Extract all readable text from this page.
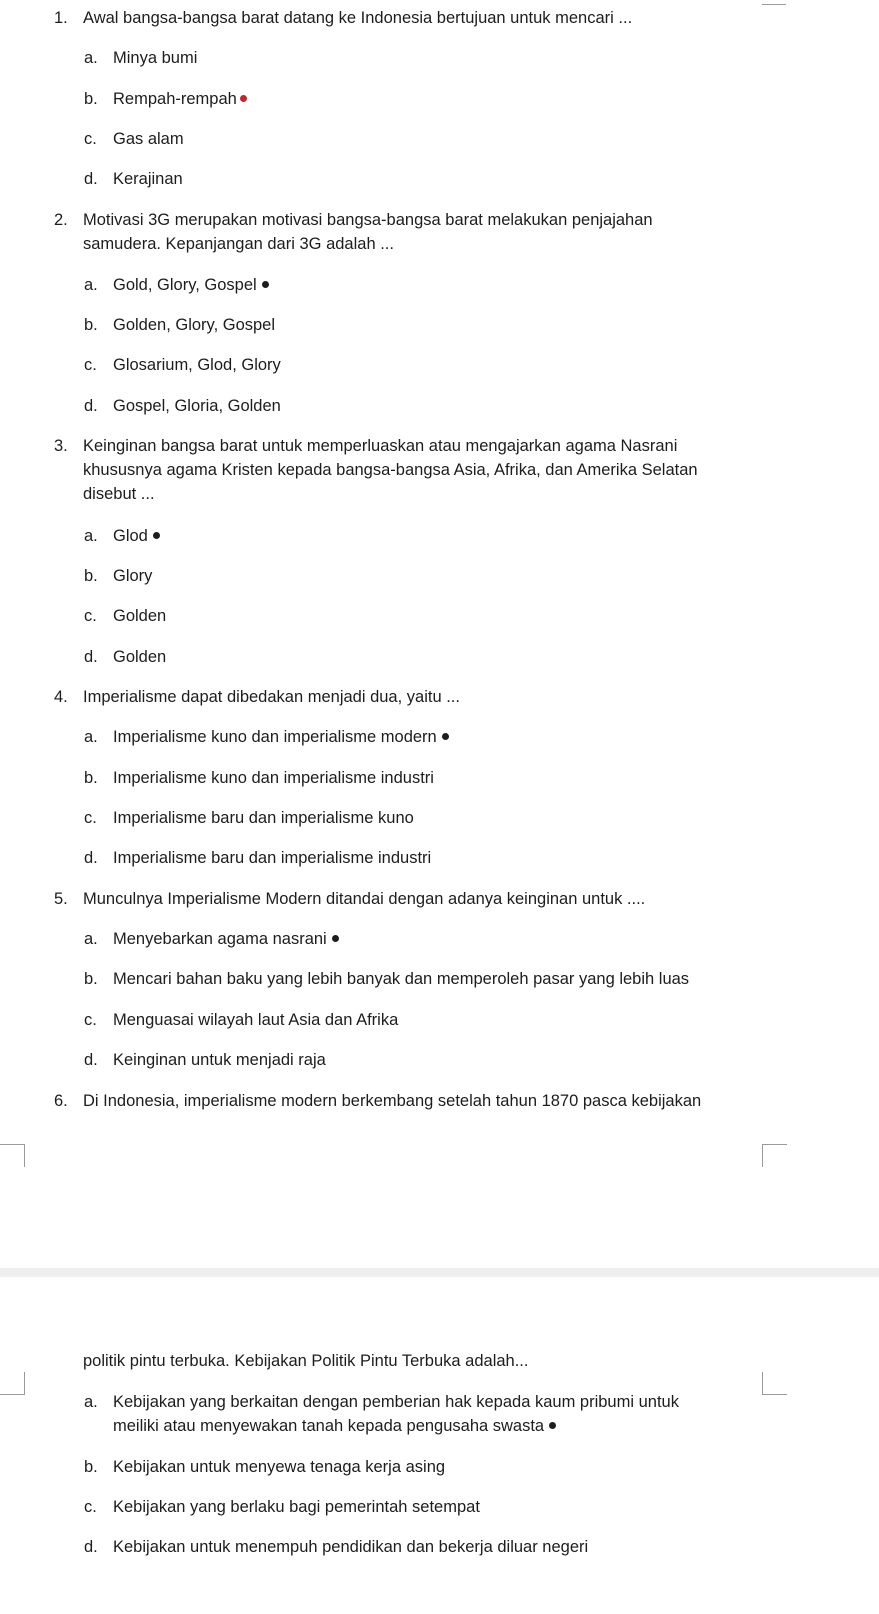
1. Awal bangsa-bangsa barat datang ke Indonesia bertujuan untuk mencari ...
a. Minya bumi
b. Rempah-rempah
c. Gas alam
d. Kerajinan
2. Motivasi 3G merupakan motivasi bangsa-bangsa barat melakukan penjajahan
samudera. Kepanjangan dari 3G adalah ...
a. Gold, Glory, Gospel
b. Golden, Glory, Gospel
c. Glosarium, Glod, Glory
d. Gospel, Gloria, Golden
3. Keinginan bangsa barat untuk memperluaskan atau mengajarkan agama Nasrani
khususnya agama Kristen kepada bangsa-bangsa Asia, Afrika, dan Amerika Selatan
disebut ...
a. Glod
b. Glory
c. Golden
d. Golden
4. Imperialisme dapat dibedakan menjadi dua, yaitu ...
a. Imperialisme kuno dan imperialisme modern
b. Imperialisme kuno dan imperialisme industri
c. Imperialisme baru dan imperialisme kuno
d. Imperialisme baru dan imperialisme industri
5. Munculnya Imperialisme Modern ditandai dengan adanya keinginan untuk ....
a. Menyebarkan agama nasrani
b. Mencari bahan baku yang lebih banyak dan memperoleh pasar yang lebih luas
c. Menguasai wilayah laut Asia dan Afrika
d. Keinginan untuk menjadi raja
6. Di Indonesia, imperialisme modern berkembang setelah tahun 1870 pasca kebijakan
politik pintu terbuka. Kebijakan Politik Pintu Terbuka adalah...
a. Kebijakan yang berkaitan dengan pemberian hak kepada kaum pribumi untuk
meiliki atau menyewakan tanah kepada pengusaha swasta
b. Kebijakan untuk menyewa tenaga kerja asing
c. Kebijakan yang berlaku bagi pemerintah setempat
d. Kebijakan untuk menempuh pendidikan dan bekerja diluar negeri
